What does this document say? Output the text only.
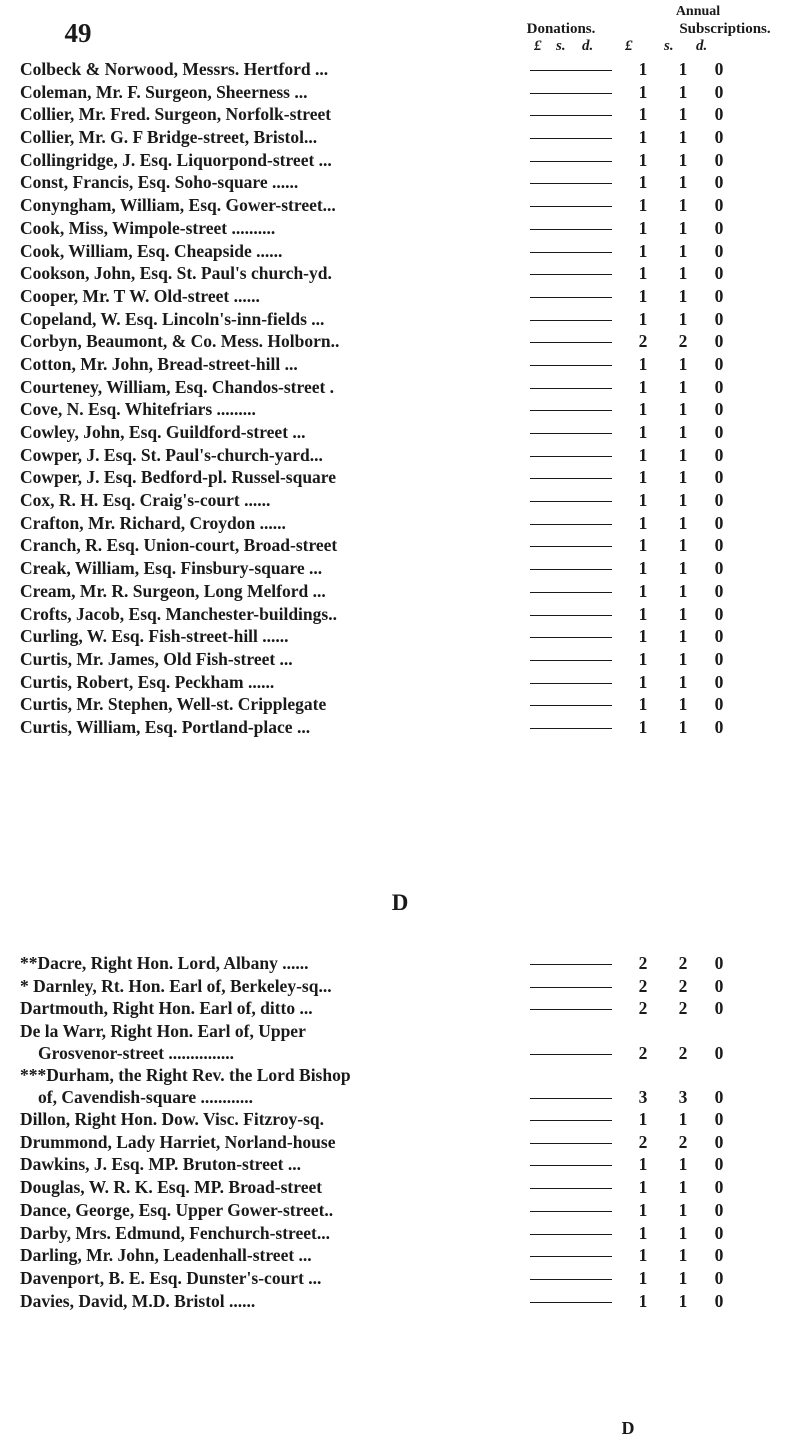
49
Annual
Donations.	Subscriptions.
£ s. d. £ s. d.
Colbeck & Norwood, Messrs. Hertford ...	1	1	0
Coleman, Mr. F. Surgeon, Sheerness ...	1	1	0
Collier, Mr. Fred. Surgeon, Norfolk-street	1	1	0
Collier, Mr. G. F Bridge-street, Bristol...	1	1	0
Collingridge, J. Esq. Liquorpond-street ...	1	1	0
Const, Francis, Esq. Soho-square ......	1	1	0
Conyngham, William, Esq. Gower-street...	1	1	0
Cook, Miss, Wimpole-street ..........	1	1	0
Cook, William, Esq. Cheapside ......	1	1	0
Cookson, John, Esq. St. Paul's church-yd.	1	1	0
Cooper, Mr. T W. Old-street ......	1	1	0
Copeland, W. Esq. Lincoln's-inn-fields ...	1	1	0
Corbyn, Beaumont, & Co. Mess. Holborn..	2	2	0
Cotton, Mr. John, Bread-street-hill ...	1	1	0
Courteney, William, Esq. Chandos-street .	1	1	0
Cove, N. Esq. Whitefriars .........	1	1	0
Cowley, John, Esq. Guildford-street ...	1	1	0
Cowper, J. Esq. St. Paul's-church-yard...	1	1	0
Cowper, J. Esq. Bedford-pl. Russel-square	1	1	0
Cox, R. H. Esq. Craig's-court ......	1	1	0
Crafton, Mr. Richard, Croydon ......	1	1	0
Cranch, R. Esq. Union-court, Broad-street	1	1	0
Creak, William, Esq. Finsbury-square ...	1	1	0
Cream, Mr. R. Surgeon, Long Melford ...	1	1	0
Crofts, Jacob, Esq. Manchester-buildings..	1	1	0
Curling, W. Esq. Fish-street-hill ......	1	1	0
Curtis, Mr. James, Old Fish-street ...	1	1	0
Curtis, Robert, Esq. Peckham ......	1	1	0
Curtis, Mr. Stephen, Well-st. Cripplegate	1	1	0
Curtis, William, Esq. Portland-place ...	1	1	0
D
**Dacre, Right Hon. Lord, Albany ......	2	2	0
* Darnley, Rt. Hon. Earl of, Berkeley-sq...	2	2	0
Dartmouth, Right Hon. Earl of, ditto ...	2	2	0
De la Warr, Right Hon. Earl of, Upper
Grosvenor-street ...............	2	2	0
***Durham, the Right Rev. the Lord Bishop
of, Cavendish-square ............	3	3	0
Dillon, Right Hon. Dow. Visc. Fitzroy-sq.	1	1	0
Drummond, Lady Harriet, Norland-house	2	2	0
Dawkins, J. Esq. MP. Bruton-street ...	1	1	0
Douglas, W. R. K. Esq. MP. Broad-street	1	1	0
Dance, George, Esq. Upper Gower-street..	1	1	0
Darby, Mrs. Edmund, Fenchurch-street...	1	1	0
Darling, Mr. John, Leadenhall-street ...	1	1	0
Davenport, B. E. Esq. Dunster's-court ...	1	1	0
Davies, David, M.D. Bristol ......	1	1	0
D
